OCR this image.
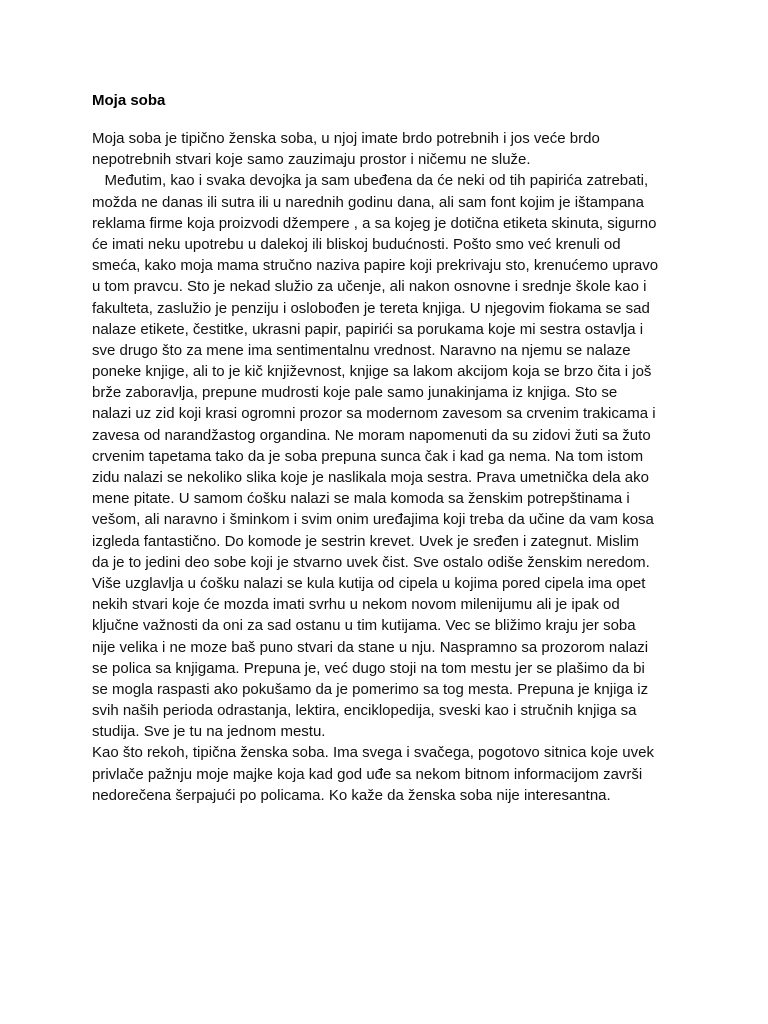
Moja soba
Moja soba je tipično ženska soba, u njoj imate brdo potrebnih i jos veće brdo
nepotrebnih stvari koje samo zauzimaju prostor i ničemu ne služe.
Međutim, kao i svaka devojka ja sam ubeđena da će neki od tih papirića zatrebati,
možda ne danas ili sutra ili u narednih godinu dana, ali sam font kojim je ištampana
reklama firme koja proizvodi džempere , a sa kojeg je dotična etiketa skinuta, sigurno
će imati neku upotrebu u dalekoj ili bliskoj budućnosti. Pošto smo već krenuli od
smeća, kako moja mama stručno naziva papire koji prekrivaju sto, krenućemo upravo
u tom pravcu. Sto je nekad služio za učenje, ali nakon osnovne i srednje škole kao i
fakulteta, zaslužio je penziju i oslobođen je tereta knjiga. U njegovim fiokama se sad
nalaze etikete, čestitke, ukrasni papir, papirići sa porukama koje mi sestra ostavlja i
sve drugo što za mene ima sentimentalnu vrednost. Naravno na njemu se nalaze
poneke knjige, ali to je kič književnost, knjige sa lakom akcijom koja se brzo čita i još
brže zaboravlja, prepune mudrosti koje pale samo junakinjama iz knjiga. Sto se
nalazi uz zid koji krasi ogromni prozor sa modernom zavesom sa crvenim trakicama i
zavesa od narandžastog organdina. Ne moram napomenuti da su zidovi žuti sa žuto
crvenim tapetama tako da je soba prepuna sunca čak i kad ga nema. Na tom istom
zidu nalazi se nekoliko slika koje je naslikala moja sestra. Prava umetnička dela ako
mene pitate. U samom ćošku nalazi se mala komoda sa ženskim potrepštinama i
vešom, ali naravno i šminkom i svim onim uređajima koji treba da učine da vam kosa
izgleda fantastično. Do komode je sestrin krevet. Uvek je sređen i zategnut. Mislim
da je to jedini deo sobe koji je stvarno uvek čist. Sve ostalo odiše ženskim neredom.
Više uzglavlja u ćošku nalazi se kula kutija od cipela u kojima pored cipela ima opet
nekih stvari koje će mozda imati svrhu u nekom novom milenijumu ali je ipak od
ključne važnosti da oni za sad ostanu u tim kutijama. Vec se bližimo kraju jer soba
nije velika i ne moze baš puno stvari da stane u nju. Naspramno sa prozorom nalazi
se polica sa knjigama. Prepuna je, već dugo stoji na tom mestu jer se plašimo da bi
se mogla raspasti ako pokušamo da je pomerimo sa tog mesta. Prepuna je knjiga iz
svih naših perioda odrastanja, lektira, enciklopedija, sveski kao i stručnih knjiga sa
studija. Sve je tu na jednom mestu.
Kao što rekoh, tipična ženska soba. Ima svega i svačega, pogotovo sitnica koje uvek
privlače pažnju moje majke koja kad god uđe sa nekom bitnom informacijom završi
nedorečena šerpajući po policama. Ko kaže da ženska soba nije interesantna.
